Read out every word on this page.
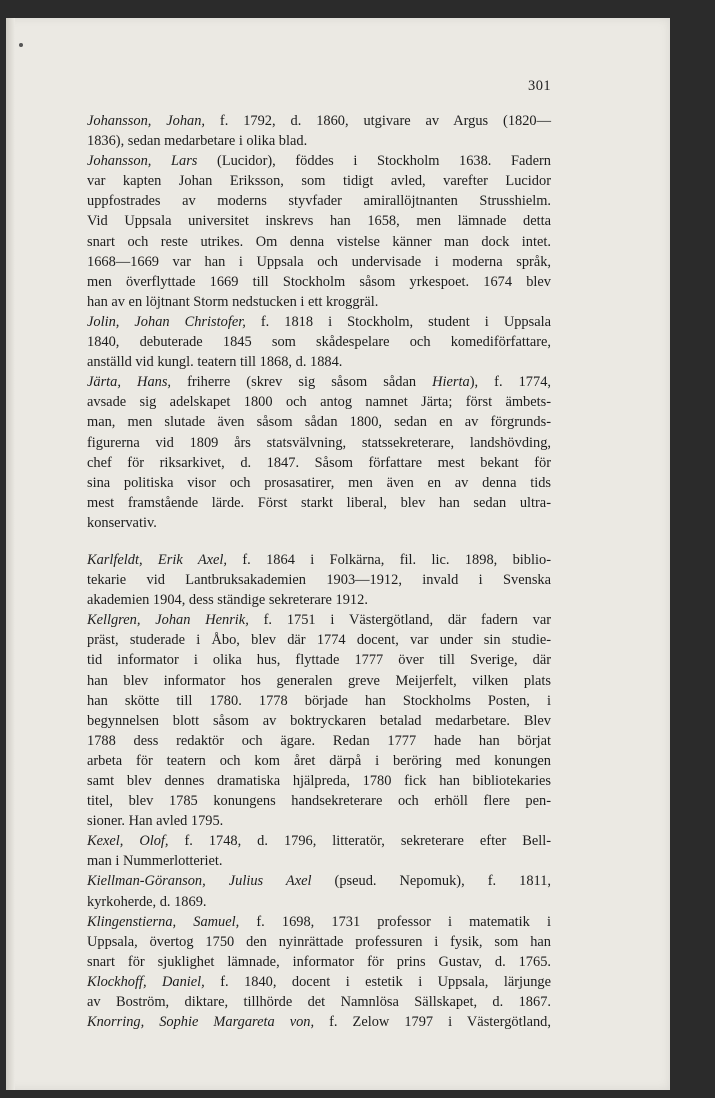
301
Johansson, Johan, f. 1792, d. 1860, utgivare av Argus (1820—
1836), sedan medarbetare i olika blad.
Johansson, Lars (Lucidor), föddes i Stockholm 1638. Fadern
var kapten Johan Eriksson, som tidigt avled, varefter Lucidor
uppfostrades av moderns styvfader amirallöjtnanten Strusshielm.
Vid Uppsala universitet inskrevs han 1658, men lämnade detta
snart och reste utrikes. Om denna vistelse känner man dock intet.
1668—1669 var han i Uppsala och undervisade i moderna språk,
men överflyttade 1669 till Stockholm såsom yrkespoet. 1674 blev
han av en löjtnant Storm nedstucken i ett kroggräl.
Jolin, Johan Christofer, f. 1818 i Stockholm, student i Uppsala
1840, debuterade 1845 som skådespelare och komediförfattare,
anställd vid kungl. teatern till 1868, d. 1884.
Järta, Hans, friherre (skrev sig såsom sådan Hierta), f. 1774,
avsade sig adelskapet 1800 och antog namnet Järta; först ämbets-
man, men slutade även såsom sådan 1800, sedan en av förgrunds-
figurerna vid 1809 års statsvälvning, statssekreterare, landshövding,
chef för riksarkivet, d. 1847. Såsom författare mest bekant för
sina politiska visor och prosasatirer, men även en av denna tids
mest framstående lärde. Först starkt liberal, blev han sedan ultra-
konservativ.
Karlfeldt, Erik Axel, f. 1864 i Folkärna, fil. lic. 1898, biblio-
tekarie vid Lantbruksakademien 1903—1912, invald i Svenska
akademien 1904, dess ständige sekreterare 1912.
Kellgren, Johan Henrik, f. 1751 i Västergötland, där fadern var
präst, studerade i Åbo, blev där 1774 docent, var under sin studie-
tid informator i olika hus, flyttade 1777 över till Sverige, där
han blev informator hos generalen greve Meijerfelt, vilken plats
han skötte till 1780. 1778 började han Stockholms Posten, i
begynnelsen blott såsom av boktryckaren betalad medarbetare. Blev
1788 dess redaktör och ägare. Redan 1777 hade han börjat
arbeta för teatern och kom året därpå i beröring med konungen
samt blev dennes dramatiska hjälpreda, 1780 fick han bibliotekaries
titel, blev 1785 konungens handsekreterare och erhöll flere pen-
sioner. Han avled 1795.
Kexel, Olof, f. 1748, d. 1796, litteratör, sekreterare efter Bell-
man i Nummerlotteriet.
Kiellman-Göranson, Julius Axel (pseud. Nepomuk), f. 1811,
kyrkoherde, d. 1869.
Klingenstierna, Samuel, f. 1698, 1731 professor i matematik i
Uppsala, övertog 1750 den nyinrättade professuren i fysik, som han
snart för sjuklighet lämnade, informator för prins Gustav, d. 1765.
Klockhoff, Daniel, f. 1840, docent i estetik i Uppsala, lärjunge
av Boström, diktare, tillhörde det Namnlösa Sällskapet, d. 1867.
Knorring, Sophie Margareta von, f. Zelow 1797 i Västergötland,
